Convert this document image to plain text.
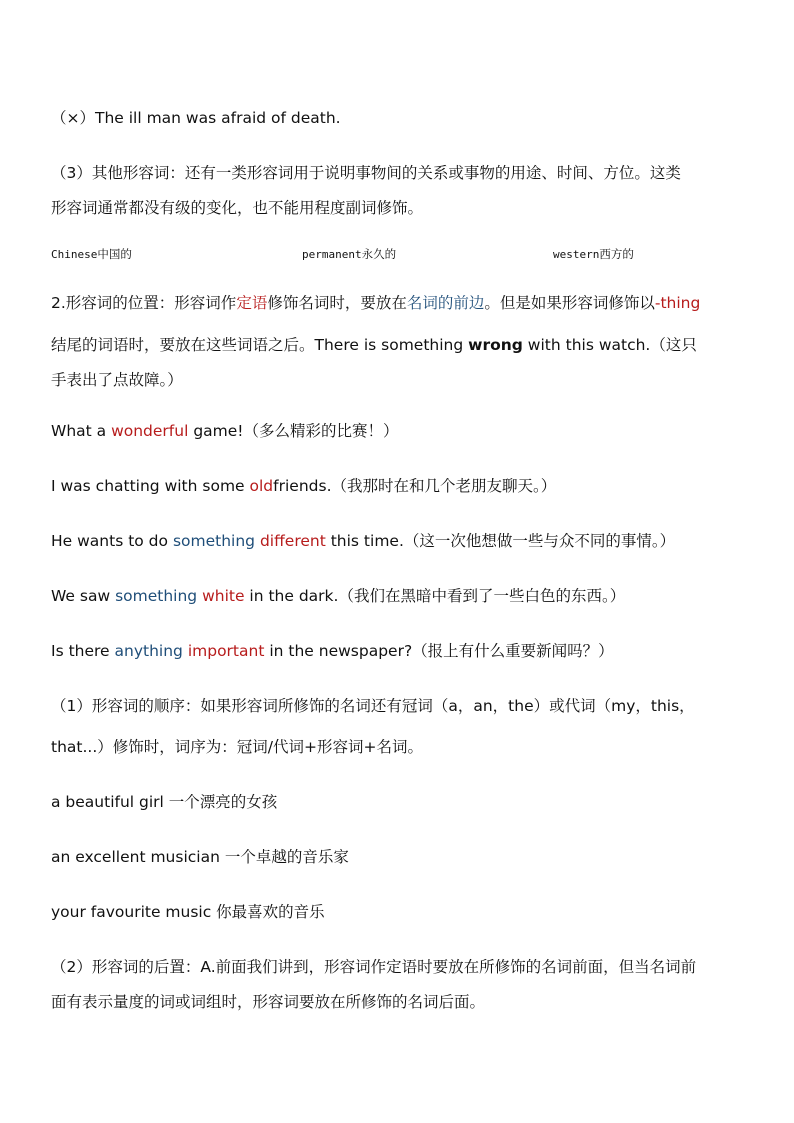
（×）The ill man was afraid of death.
（3）其他形容词：还有一类形容词用于说明事物间的关系或事物的用途、时间、方位。这类
形容词通常都没有级的变化，也不能用程度副词修饰。
Chinese中国的	permanent永久的	western西方的
2.形容词的位置：形容词作定语修饰名词时，要放在名词的前边。但是如果形容词修饰以-thing
结尾的词语时，要放在这些词语之后。There is something wrong with this watch.（这只
手表出了点故障。）
What a wonderful game!（多么精彩的比赛！）
I was chatting with some oldfriends.（我那时在和几个老朋友聊天。）
He wants to do something different this time.（这一次他想做一些与众不同的事情。）
We saw something white in the dark.（我们在黑暗中看到了一些白色的东西。）
Is there anything important in the newspaper?（报上有什么重要新闻吗？）
（1）形容词的顺序：如果形容词所修饰的名词还有冠词（a，an，the）或代词（my，this，
that...）修饰时，词序为：冠词/代词+形容词+名词。
a beautiful girl 一个漂亮的女孩
an excellent musician 一个卓越的音乐家
your favourite music 你最喜欢的音乐
（2）形容词的后置：A.前面我们讲到，形容词作定语时要放在所修饰的名词前面，但当名词前
面有表示量度的词或词组时，形容词要放在所修饰的名词后面。
